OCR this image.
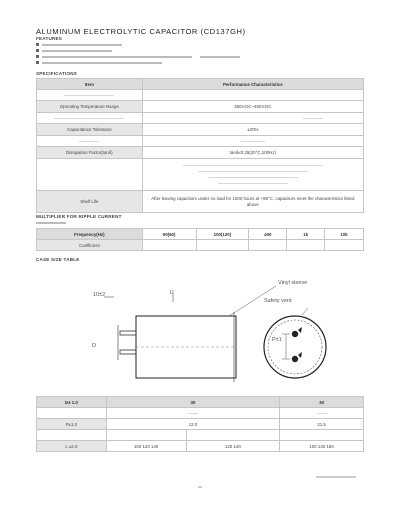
ALUMINUM ELECTROLYTIC CAPACITOR (CD137GH)
FEATURES
SPECIFICATIONS
Item	Performance Characteristics

Operating Temperature Range	350V.DC~450V.DC

Capacitance Tolerance	±20%

Dissipation Factor(tanδ)	tanδ≤0.25(20°C,100Hz)

Shelf Life	After leaving capacitors under no load for 1000 hours at +85°C, capacitors meet the characteristics listed above
MULTIPLIER FOR RIPPLE CURRENT
Frequency(Hz)	50(60)	100(120)	400	1k	10k
Coefficient					
CASE SIZE TABLE
10±2	L
Vinyl sleeve
Safety vent
D
P±1
D± 1.0	30		30

P±1.0	12.0		21.5

L ±2.0	100 120 140	120 140	100 140 150
